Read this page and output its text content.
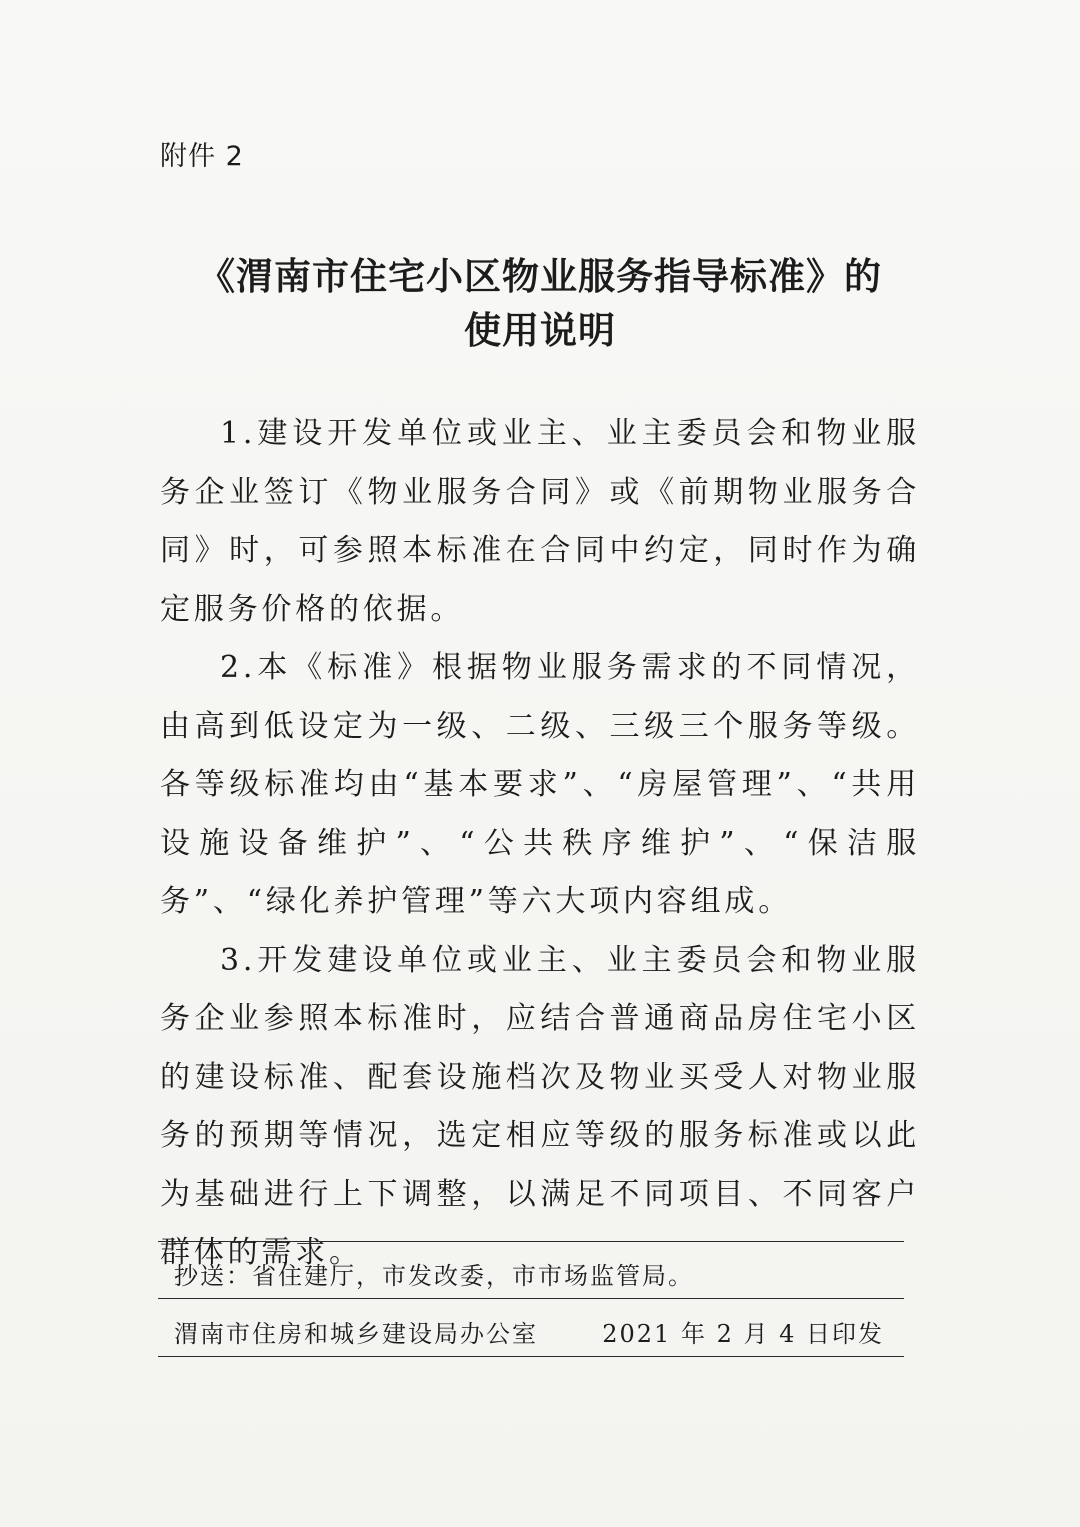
附件 2
《渭南市住宅小区物业服务指导标准》的
使用说明

1.建设开发单位或业主、业主委员会和物业服务企业签订《物业服务合同》或《前期物业服务合同》时，可参照本标准在合同中约定，同时作为确定服务价格的依据。

2.本《标准》根据物业服务需求的不同情况，由高到低设定为一级、二级、三级三个服务等级。各等级标准均由“基本要求”、“房屋管理”、“共用设施设备维护”、“公共秩序维护”、“保洁服务”、“绿化养护管理”等六大项内容组成。

3.开发建设单位或业主、业主委员会和物业服务企业参照本标准时，应结合普通商品房住宅小区的建设标准、配套设施档次及物业买受人对物业服务的预期等情况，选定相应等级的服务标准或以此为基础进行上下调整，以满足不同项目、不同客户群体的需求。

抄送：省住建厅，市发改委，市市场监管局。
渭南市住房和城乡建设局办公室	2021 年 2 月 4 日印发
